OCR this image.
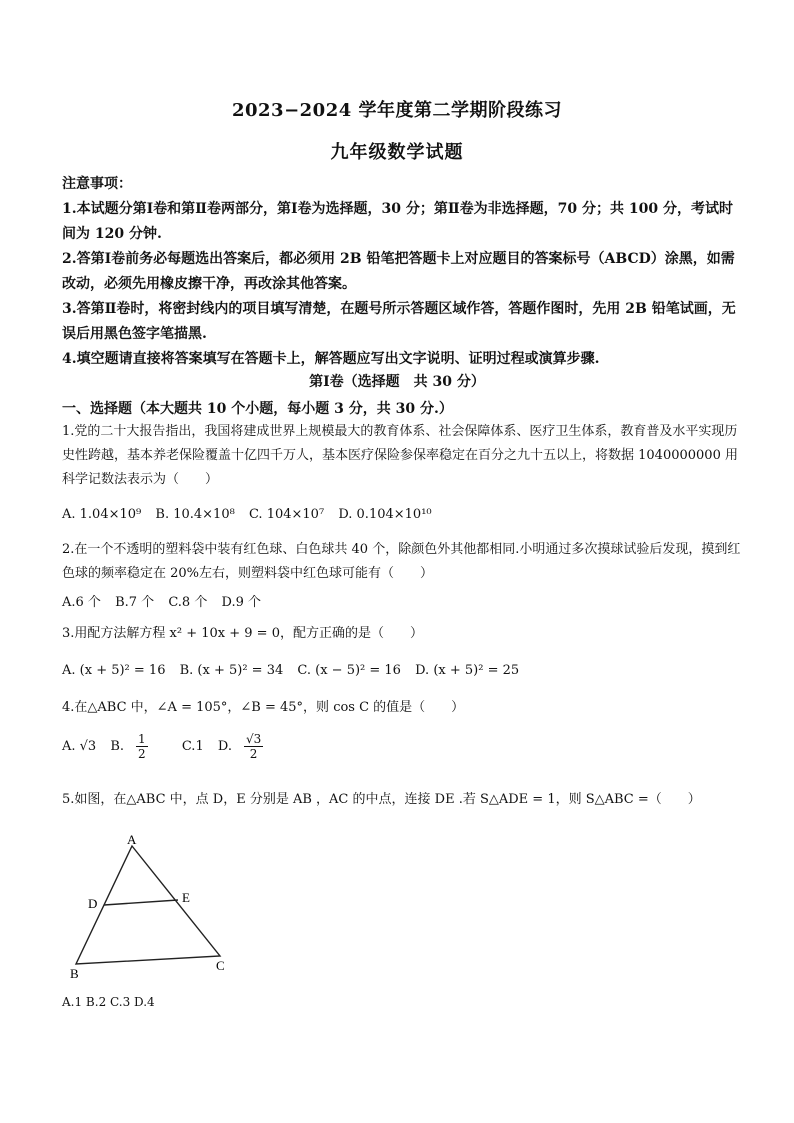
2023−2024 学年度第二学期阶段练习
九年级数学试题

注意事项：

1.本试题分第Ⅰ卷和第Ⅱ卷两部分，第Ⅰ卷为选择题，30 分；第Ⅱ卷为非选择题，70 分；共 100 分，考试时间为 120 分钟.

2.答第Ⅰ卷前务必每题选出答案后，都必须用 2B 铅笔把答题卡上对应题目的答案标号（ABCD）涂黑，如需改动，必须先用橡皮擦干净，再改涂其他答案。

3.答第Ⅱ卷时，将密封线内的项目填写清楚，在题号所示答题区域作答，答题作图时，先用 2B 铅笔试画，无误后用黑色签字笔描黑.

4.填空题请直接将答案填写在答题卡上，解答题应写出文字说明、证明过程或演算步骤.

第Ⅰ卷（选择题　共 30 分）
一、选择题（本大题共 10 个小题，每小题 3 分，共 30 分.）

1.党的二十大报告指出，我国将建成世界上规模最大的教育体系、社会保障体系、医疗卫生体系，教育普及水平实现历史性跨越，基本养老保险覆盖十亿四千万人，基本医疗保险参保率稳定在百分之九十五以上，将数据 1040000000 用科学记数法表示为（　　）

A. 1.04×10⁹ B. 10.4×10⁸ C. 104×10⁷ D. 0.104×10¹⁰

2.在一个不透明的塑料袋中装有红色球、白色球共 40 个，除颜色外其他都相同.小明通过多次摸球试验后发现，摸到红色球的频率稳定在 20%左右，则塑料袋中红色球可能有（　　）

A.6 个 B.7 个 C.8 个 D.9 个

3.用配方法解方程 x² + 10x + 9 = 0，配方正确的是（　　）

A. (x + 5)² = 16 B. (x + 5)² = 34 C. (x − 5)² = 16 D. (x + 5)² = 25

4.在△ABC 中，∠A = 105°，∠B = 45°，则 cos C 的值是（　　）

A. √3 B. $\frac{1}{2} C.1$ D. $\frac{√3}{2}$

5.如图，在△ABC 中，点 D，E 分别是 AB ，AC 的中点，连接 DE .若 S△ADE = 1，则 S△ABC =（　　）

A
D	E
B
C
A.1 B.2 C.3 D.4
